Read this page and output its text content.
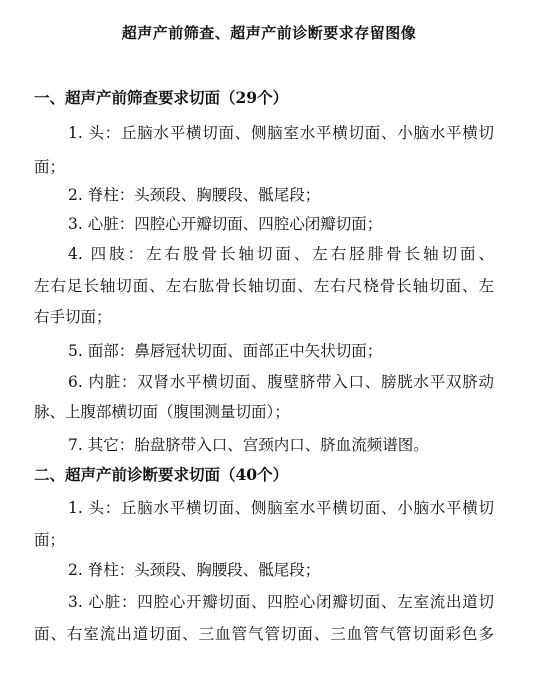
超声产前筛查、超声产前诊断要求存留图像
一、超声产前筛查要求切面（29个）
1. 头：丘脑水平横切面、侧脑室水平横切面、小脑水平横切
面；
2. 脊柱：头颈段、胸腰段、骶尾段；
3. 心脏：四腔心开瓣切面、四腔心闭瓣切面；
4. 四肢：左右股骨长轴切面、左右胫腓骨长轴切面、
左右足长轴切面、左右肱骨长轴切面、左右尺桡骨长轴切面、左
右手切面；
5. 面部：鼻唇冠状切面、面部正中矢状切面；
6. 内脏：双肾水平横切面、腹壁脐带入口、膀胱水平双脐动
脉、上腹部横切面（腹围测量切面）；
7. 其它：胎盘脐带入口、宫颈内口、脐血流频谱图。
二、超声产前诊断要求切面（40个）
1. 头：丘脑水平横切面、侧脑室水平横切面、小脑水平横切
面；
2. 脊柱：头颈段、胸腰段、骶尾段；
3. 心脏：四腔心开瓣切面、四腔心闭瓣切面、左室流出道切
面、右室流出道切面、三血管气管切面、三血管气管切面彩色多
